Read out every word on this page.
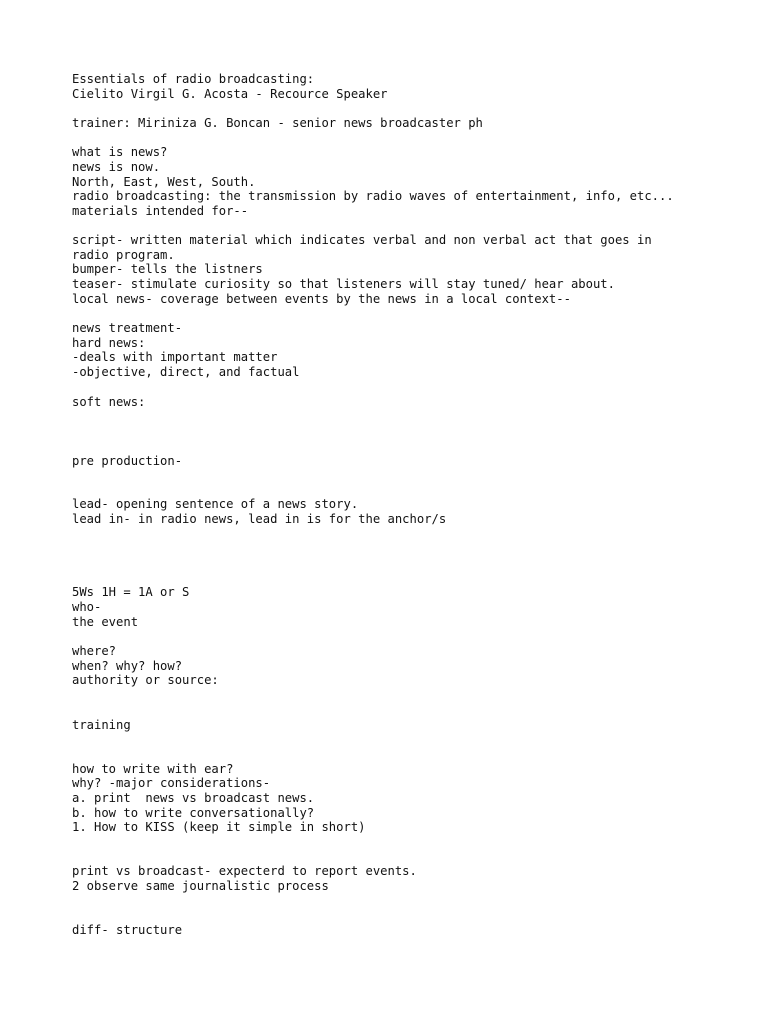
Essentials of radio broadcasting:

Cielito Virgil G. Acosta - Recource Speaker

trainer: Miriniza G. Boncan - senior news broadcaster ph

what is news?

news is now.

North, East, West, South.

radio broadcasting: the transmission by radio waves of entertainment, info, etc...

materials intended for--

script- written material which indicates verbal and non verbal act that goes in

radio program.

bumper- tells the listners

teaser- stimulate curiosity so that listeners will stay tuned/ hear about.

local news- coverage between events by the news in a local context--

news treatment-

hard news:

-deals with important matter

-objective, direct, and factual

soft news:

pre production-

lead- opening sentence of a news story.

lead in- in radio news, lead in is for the anchor/s

5Ws 1H = 1A or S

who-

the event

where?

when? why? how?

authority or source:

training

how to write with ear?

why? -major considerations-

a. print  news vs broadcast news.

b. how to write conversationally?

1. How to KISS (keep it simple in short)

print vs broadcast- expecterd to report events.

2 observe same journalistic process

diff- structure
